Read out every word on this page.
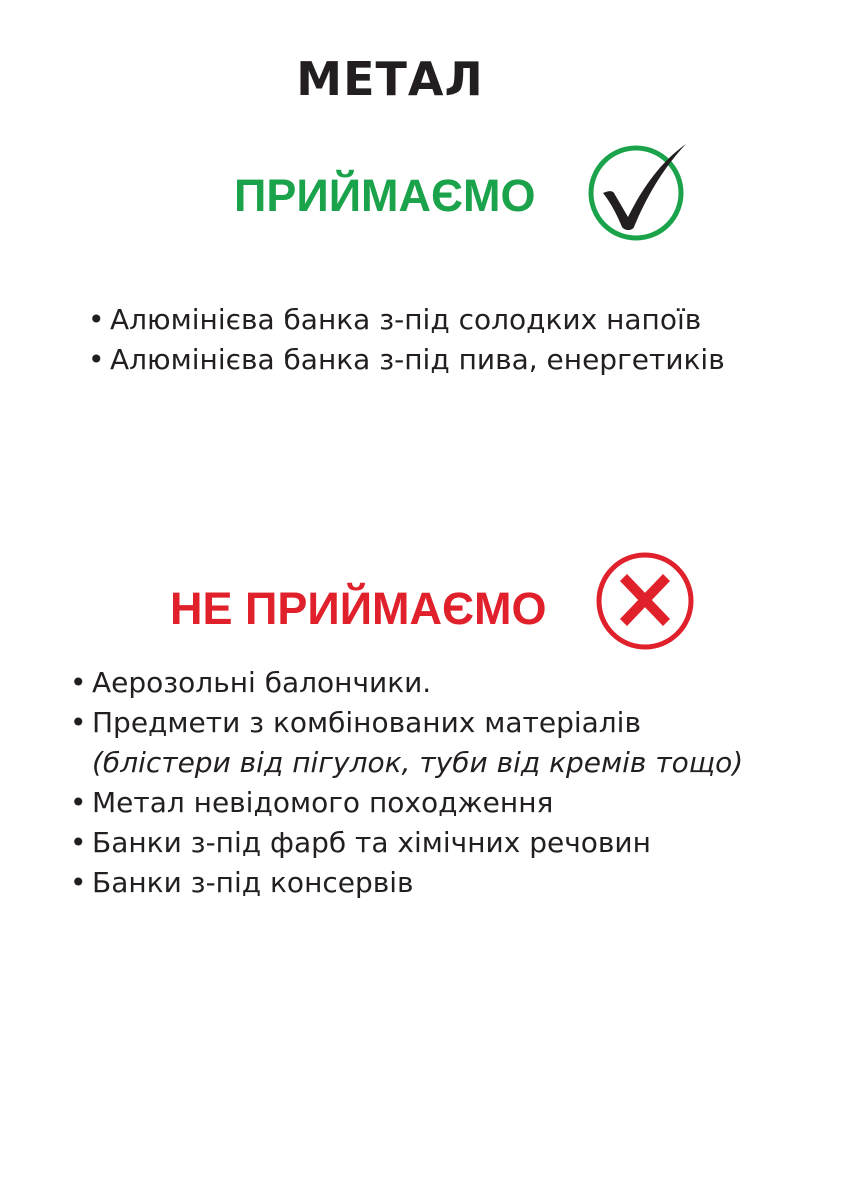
МЕТАЛ
ПРИЙМАЄМО
• Алюмінієва банка з-під солодких напоїв
• Алюмінієва банка з-під пива, енергетиків
НЕ ПРИЙМАЄМО
• Аерозольні балончики.
• Предмети з комбінованих матеріалів
(блістери від пігулок, туби від кремів тощо)
• Метал невідомого походження
• Банки з-під фарб та хімічних речовин
• Банки з-під консервів
